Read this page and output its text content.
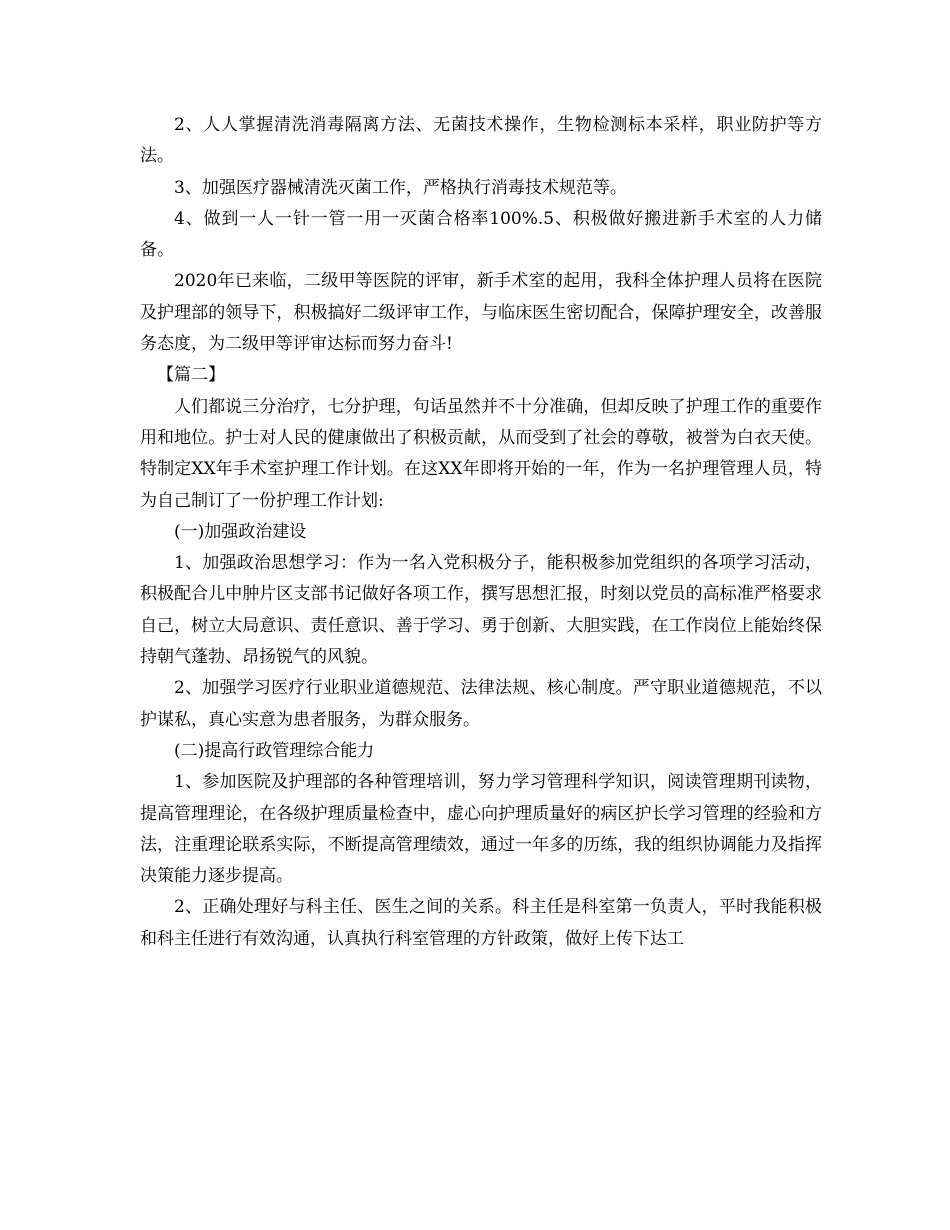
2、人人掌握清洗消毒隔离方法、无菌技术操作，生物检测标本采样，职业防护等方法。

3、加强医疗器械清洗灭菌工作，严格执行消毒技术规范等。

4、做到一人一针一管一用一灭菌合格率100%.5、积极做好搬进新手术室的人力储备。

2020年已来临，二级甲等医院的评审，新手术室的起用，我科全体护理人员将在医院及护理部的领导下，积极搞好二级评审工作，与临床医生密切配合，保障护理安全，改善服务态度，为二级甲等评审达标而努力奋斗!

【篇二】

人们都说三分治疗，七分护理，句话虽然并不十分准确，但却反映了护理工作的重要作用和地位。护士对人民的健康做出了积极贡献，从而受到了社会的尊敬，被誉为白衣天使。特制定XX年手术室护理工作计划。在这XX年即将开始的一年，作为一名护理管理人员，特为自己制订了一份护理工作计划:

(一)加强政治建设

1、加强政治思想学习：作为一名入党积极分子，能积极参加党组织的各项学习活动，积极配合儿中肿片区支部书记做好各项工作，撰写思想汇报，时刻以党员的高标准严格要求自己，树立大局意识、责任意识、善于学习、勇于创新、大胆实践，在工作岗位上能始终保持朝气蓬勃、昂扬锐气的风貌。

2、加强学习医疗行业职业道德规范、法律法规、核心制度。严守职业道德规范，不以护谋私，真心实意为患者服务，为群众服务。

(二)提高行政管理综合能力

1、参加医院及护理部的各种管理培训，努力学习管理科学知识，阅读管理期刊读物，提高管理理论，在各级护理质量检查中，虚心向护理质量好的病区护长学习管理的经验和方法，注重理论联系实际，不断提高管理绩效，通过一年多的历练，我的组织协调能力及指挥决策能力逐步提高。

2、正确处理好与科主任、医生之间的关系。科主任是科室第一负责人，平时我能积极和科主任进行有效沟通，认真执行科室管理的方针政策，做好上传下达工
